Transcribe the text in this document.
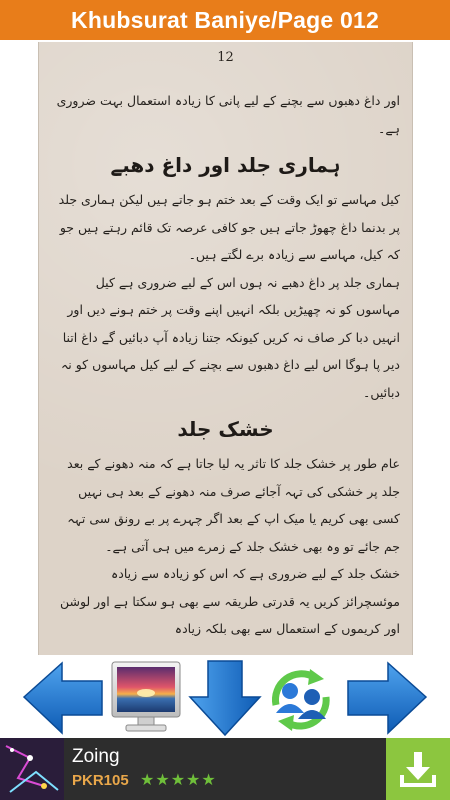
Khubsurat Baniye/Page 012
12

اور داغ دھبوں سے بچنے کے لیے پانی کا زیادہ استعمال بہت ضروری ہے۔

ہماری جلد اور داغ دھبے

کیل مہاسے تو ایک وقت کے بعد ختم ہو جاتے ہیں لیکن ہماری جلد پر بدنما داغ چھوڑ جاتے ہیں جو کافی عرصہ تک قائم رہتے ہیں جو کہ کیل، مہاسے سے زیادہ برے لگتے ہیں۔

ہماری جلد پر داغ دھبے نہ ہوں اس کے لیے ضروری ہے کیل مہاسوں کو نہ چھیڑیں بلکہ انہیں اپنے وقت پر ختم ہونے دیں اور انہیں دبا کر صاف نہ کریں کیونکہ جتنا زیادہ آپ دبائیں گے داغ اتنا دیر پا ہوگا اس لیے داغ دھبوں سے بچنے کے لیے کیل مہاسوں کو نہ دبائیں۔

خشک جلد

عام طور پر خشک جلد کا تاثر یہ لیا جاتا ہے کہ منہ دھونے کے بعد جلد پر خشکی کی تہہ آجائے صرف منہ دھونے کے بعد ہی نہیں کسی بھی کریم یا میک اپ کے بعد اگر چہرے پر بے رونق سی تہہ جم جائے تو وہ بھی خشک جلد کے زمرے میں ہی آتی ہے۔

خشک جلد کے لیے ضروری ہے کہ اس کو زیادہ سے زیادہ موئسچرائز کریں یہ قدرتی طریقہ سے بھی ہو سکتا ہے اور لوشن اور کریموں کے استعمال سے بھی بلکہ زیادہ

Zoing
PKR105 ★★★★★
